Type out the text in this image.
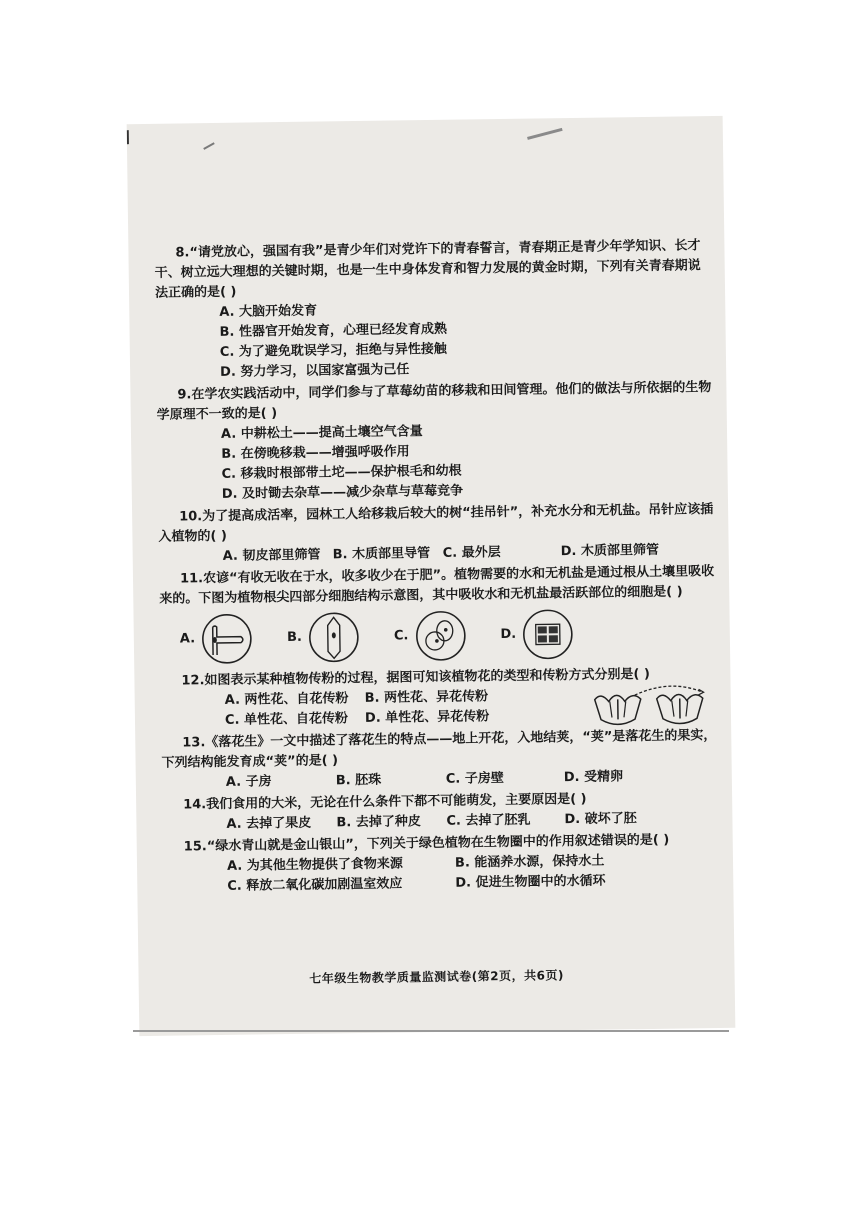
8.“请党放心，强国有我”是青少年们对党许下的青春誓言，青春期正是青少年学知识、长才干、树立远大理想的关键时期，也是一生中身体发育和智力发展的黄金时期，下列有关青春期说法正确的是( )

A. 大脑开始发育

B. 性器官开始发育，心理已经发育成熟

C. 为了避免耽误学习，拒绝与异性接触

D. 努力学习，以国家富强为己任

9.在学农实践活动中，同学们参与了草莓幼苗的移栽和田间管理。他们的做法与所依据的生物学原理不一致的是( )

A. 中耕松土——提高土壤空气含量

B. 在傍晚移栽——增强呼吸作用

C. 移栽时根部带土坨——保护根毛和幼根

D. 及时锄去杂草——减少杂草与草莓竞争

10.为了提高成活率，园林工人给移栽后较大的树“挂吊针”，补充水分和无机盐。吊针应该插入植物的( )

A. 韧皮部里筛管 B. 木质部里导管 C. 最外层	D. 木质部里筛管

11.农谚“有收无收在于水，收多收少在于肥”。植物需要的水和无机盐是通过根从土壤里吸收来的。下图为植物根尖四部分细胞结构示意图，其中吸收水和无机盐最活跃部位的细胞是( )

A.	B.	C.	D.

12.如图表示某种植物传粉的过程，据图可知该植物花的类型和传粉方式分别是( )

A. 两性花、自花传粉	B. 两性花、异花传粉
C. 单性花、自花传粉	D. 单性花、异花传粉

13.《落花生》一文中描述了落花生的特点——地上开花，入地结荚，“荚”是落花生的果实，下列结构能发育成“荚”的是( )

A. 子房	B. 胚珠	C. 子房壁	D. 受精卵

14.我们食用的大米，无论在什么条件下都不可能萌发，主要原因是( )

A. 去掉了果皮	B. 去掉了种皮	C. 去掉了胚乳	D. 破坏了胚

15.“绿水青山就是金山银山”，下列关于绿色植物在生物圈中的作用叙述错误的是( )

A. 为其他生物提供了食物来源	B. 能涵养水源，保持水土
C. 释放二氧化碳加剧温室效应	D. 促进生物圈中的水循环
七年级生物教学质量监测试卷(第2页，共6页)
